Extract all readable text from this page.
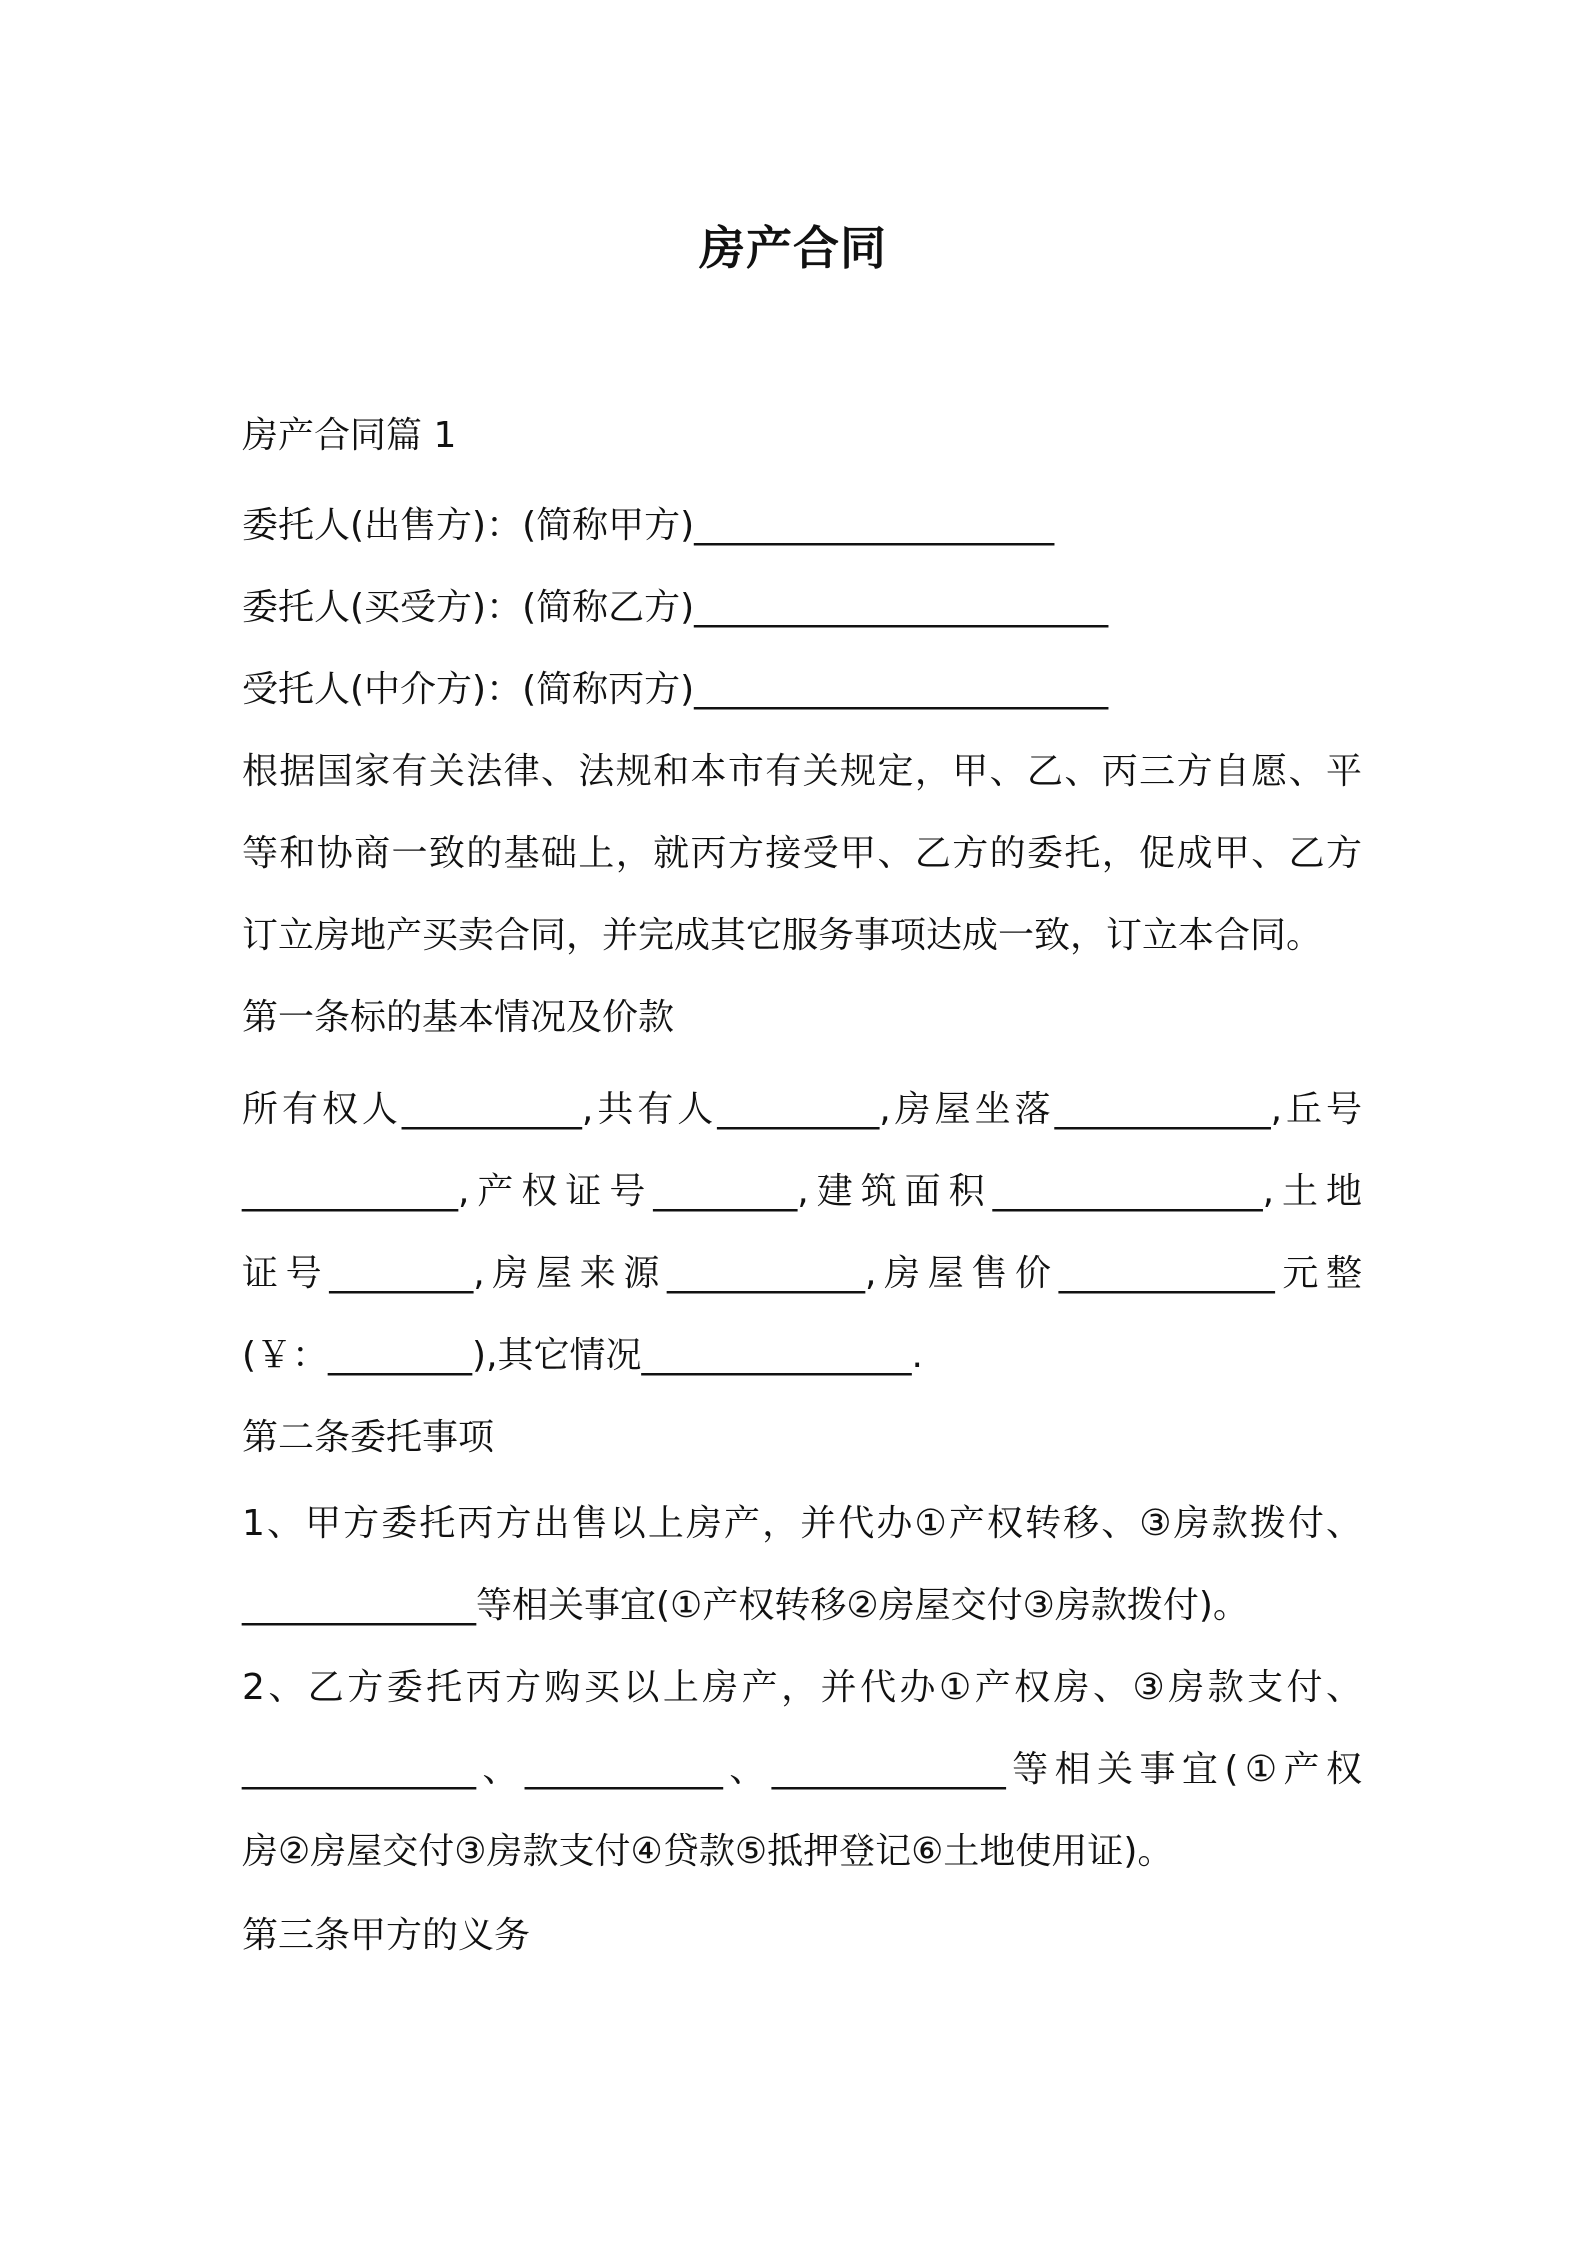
房产合同

房产合同篇 1

委托人(出售方)：(简称甲方)____________________

委托人(买受方)：(简称乙方)_______________________

受托人(中介方)：(简称丙方)_______________________

根据国家有关法律、法规和本市有关规定，甲、乙、丙三方自愿、平

等和协商一致的基础上，就丙方接受甲、乙方的委托，促成甲、乙方

订立房地产买卖合同，并完成其它服务事项达成一致，订立本合同。

第一条标的基本情况及价款

所有权人__________,共有人_________,房屋坐落____________,丘号

____________,产权证号________,建筑面积_______________,土地

证号________,房屋来源___________,房屋售价____________元整

(￥：________),其它情况_______________.

第二条委托事项

1、甲方委托丙方出售以上房产，并代办①产权转移、③房款拨付、

_____________等相关事宜(①产权转移②房屋交付③房款拨付)。

2、乙方委托丙方购买以上房产，并代办①产权房、③房款支付、

_____________、___________、_____________等相关事宜(①产权

房②房屋交付③房款支付④贷款⑤抵押登记⑥土地使用证)。

第三条甲方的义务
